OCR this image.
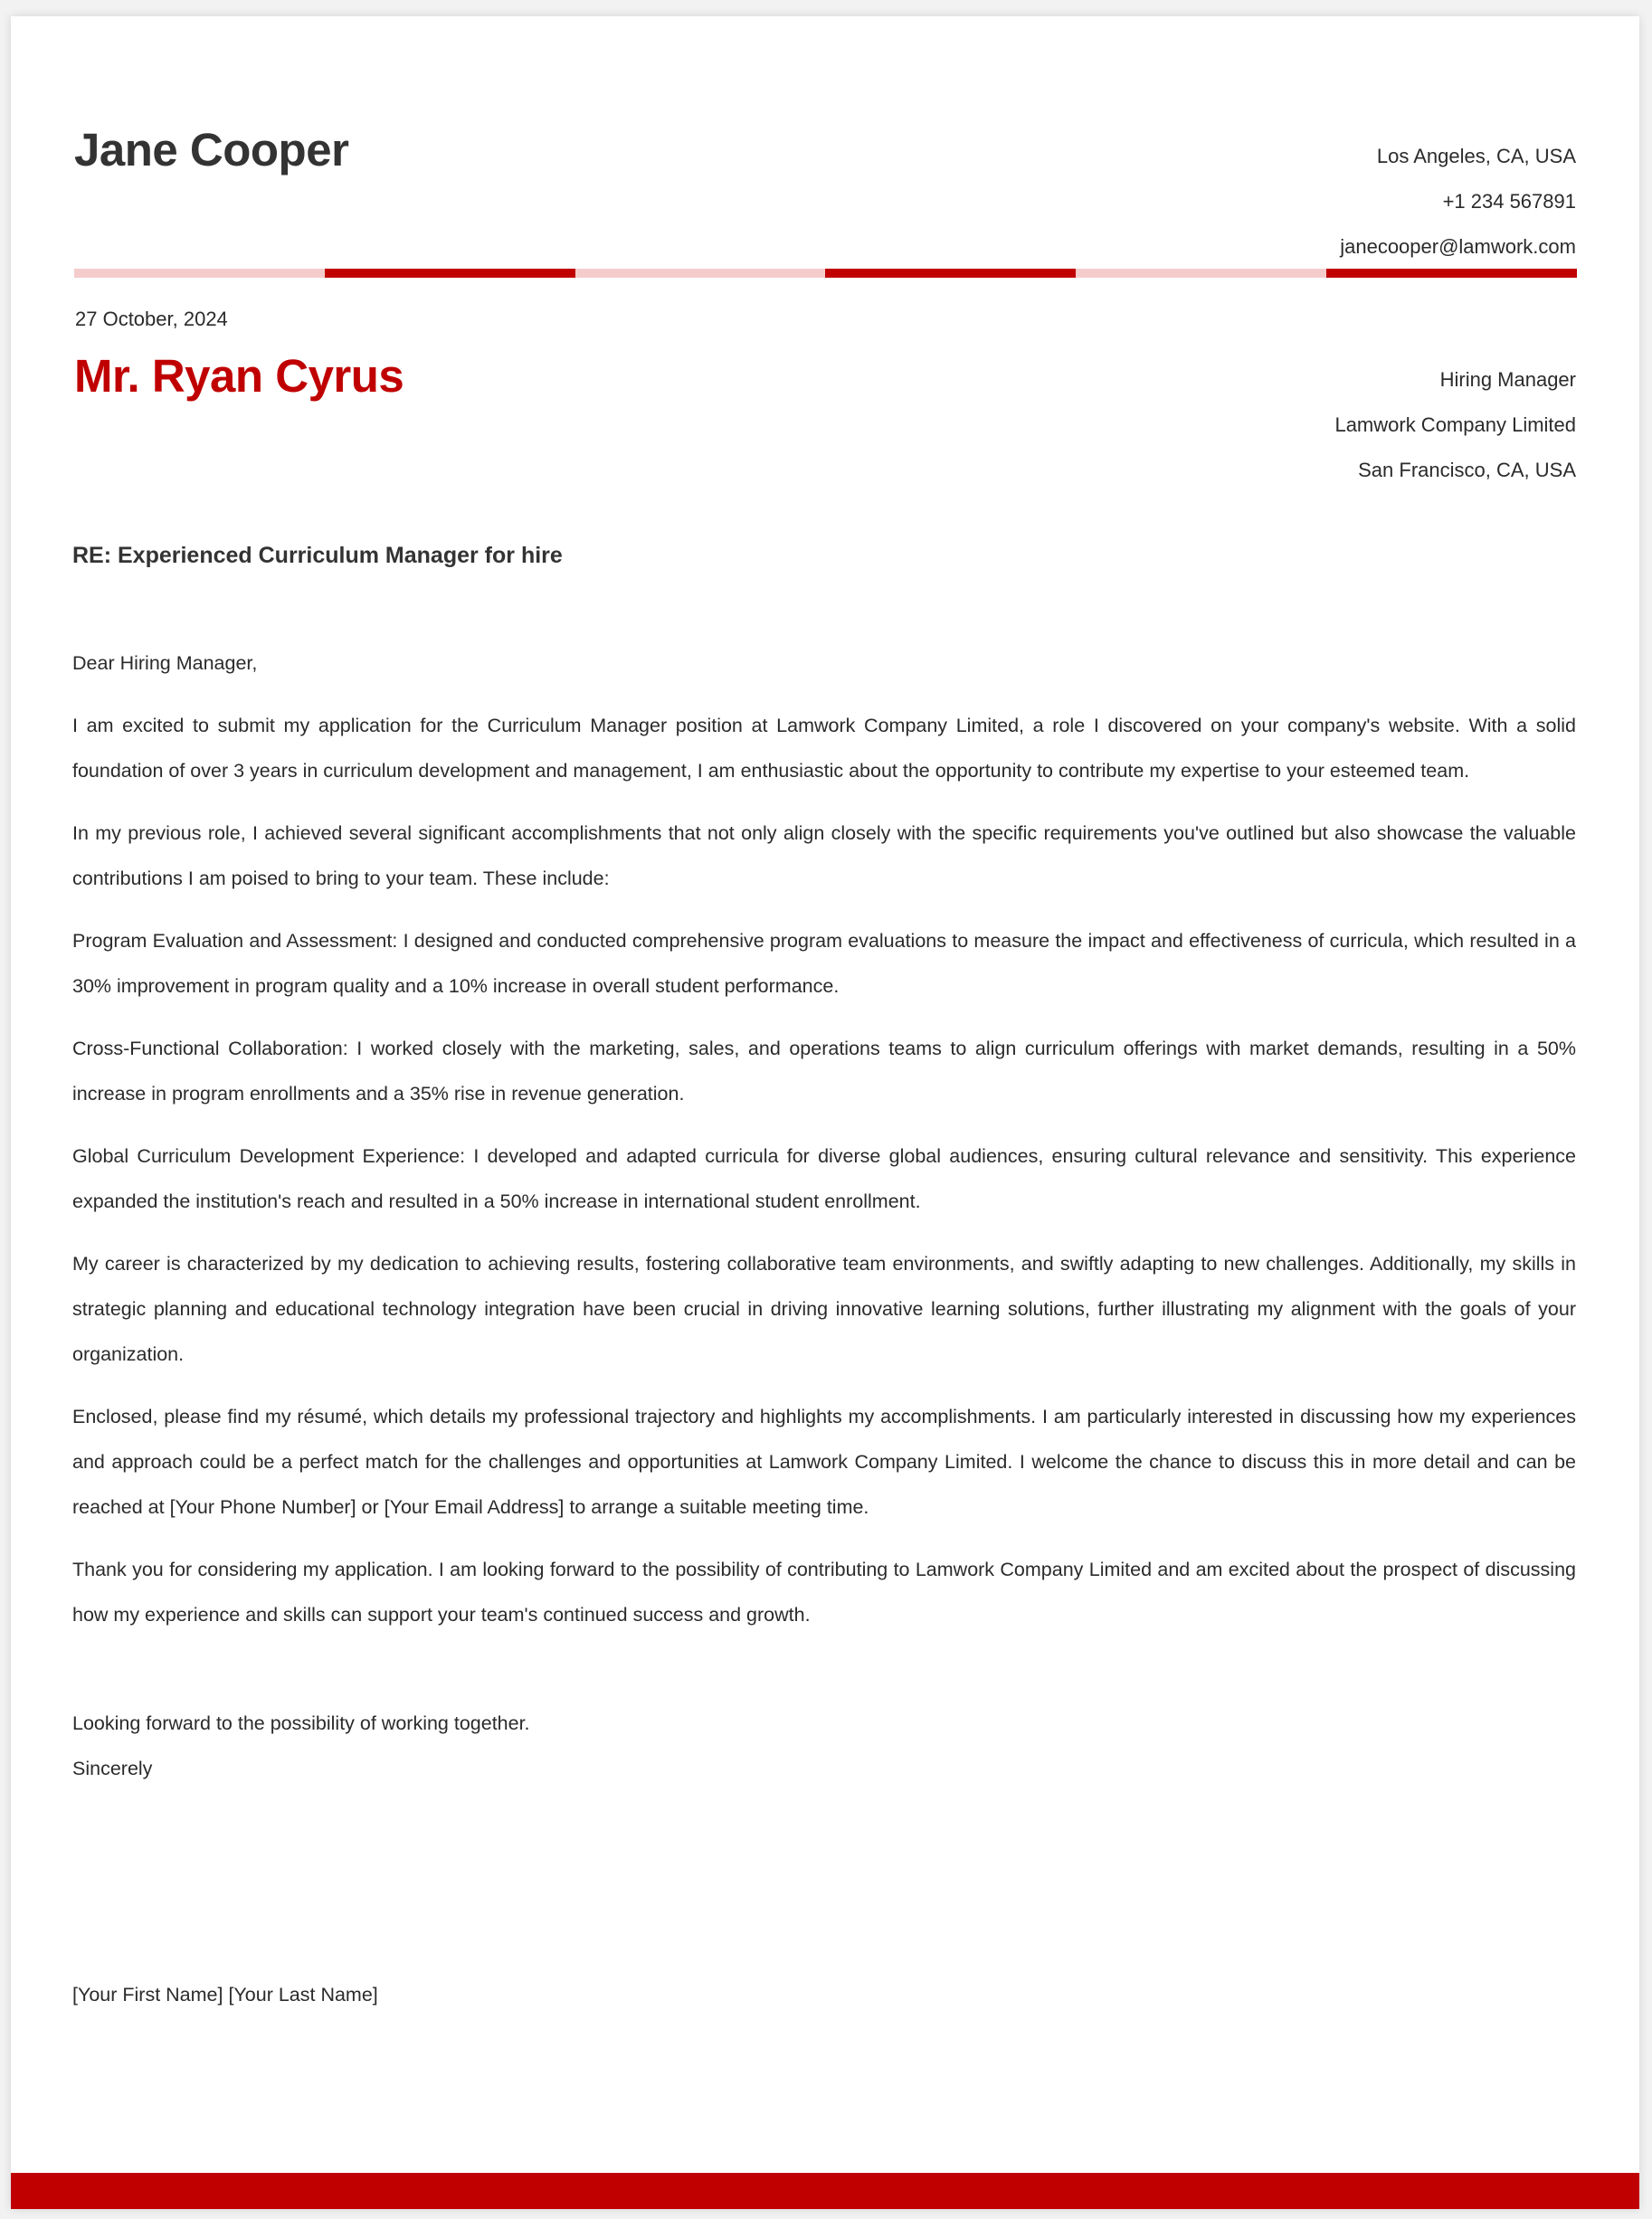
Jane Cooper	Los Angeles, CA, USA
+1 234 567891
janecooper@lamwork.com
27 October, 2024
Mr. Ryan Cyrus	Hiring Manager
Lamwork Company Limited
San Francisco, CA, USA
RE: Experienced Curriculum Manager for hire

Dear Hiring Manager,

I am excited to submit my application for the Curriculum Manager position at Lamwork Company Limited, a role I discovered on your company's website. With a solid foundation of over 3 years in curriculum development and management, I am enthusiastic about the opportunity to contribute my expertise to your esteemed team.

In my previous role, I achieved several significant accomplishments that not only align closely with the specific requirements you've outlined but also showcase the valuable contributions I am poised to bring to your team. These include:

Program Evaluation and Assessment: I designed and conducted comprehensive program evaluations to measure the impact and effectiveness of curricula, which resulted in a 30% improvement in program quality and a 10% increase in overall student performance.

Cross-Functional Collaboration: I worked closely with the marketing, sales, and operations teams to align curriculum offerings with market demands, resulting in a 50% increase in program enrollments and a 35% rise in revenue generation.

Global Curriculum Development Experience: I developed and adapted curricula for diverse global audiences, ensuring cultural relevance and sensitivity. This experience expanded the institution's reach and resulted in a 50% increase in international student enrollment.

My career is characterized by my dedication to achieving results, fostering collaborative team environments, and swiftly adapting to new challenges. Additionally, my skills in strategic planning and educational technology integration have been crucial in driving innovative learning solutions, further illustrating my alignment with the goals of your organization.

Enclosed, please find my résumé, which details my professional trajectory and highlights my accomplishments. I am particularly interested in discussing how my experiences and approach could be a perfect match for the challenges and opportunities at Lamwork Company Limited. I welcome the chance to discuss this in more detail and can be reached at [Your Phone Number] or [Your Email Address] to arrange a suitable meeting time.

Thank you for considering my application. I am looking forward to the possibility of contributing to Lamwork Company Limited and am excited about the prospect of discussing how my experience and skills can support your team's continued success and growth.

Looking forward to the possibility of working together.
Sincerely
[Your First Name] [Your Last Name]
